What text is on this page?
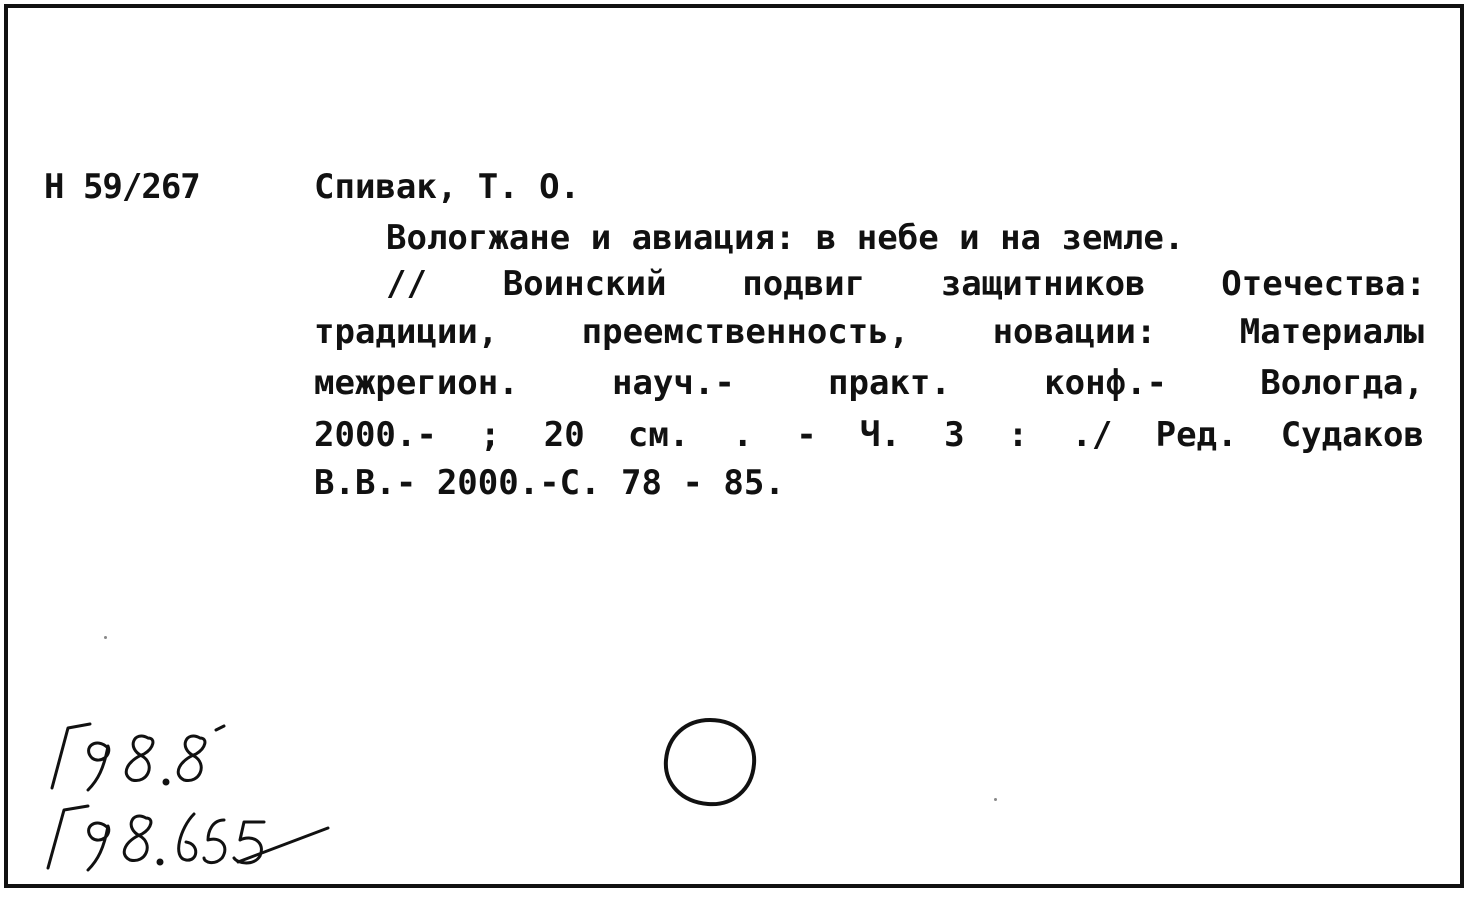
Н 59/267	Спивак, Т. О.
Вологжане и авиация: в небе и на земле.
// Воинский подвиг защитников Отечества:
традиции, преемственность, новации: Материалы
межрегион. науч.- практ. конф.- Вологда,
2000.- ; 20 см. . - Ч. 3 : ./ Ред. Судаков
В.В.- 2000.-С. 78 - 85.
